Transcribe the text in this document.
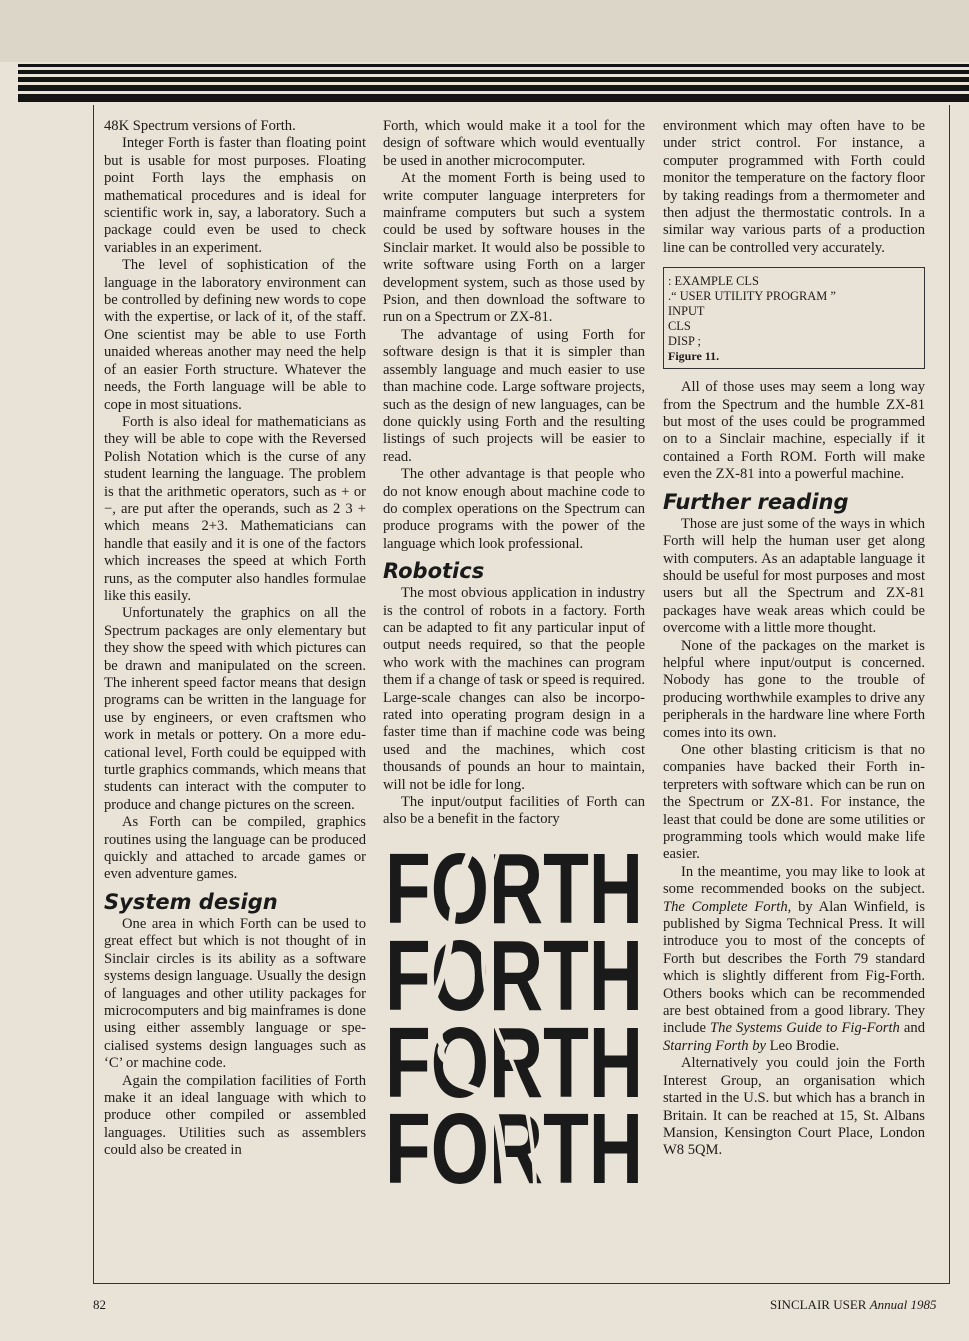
48K Spectrum versions of Forth.

Integer Forth is faster than floating point but is usable for most purposes. Floating point Forth lays the emphasis on mathematical procedures and is ideal for scientific work in, say, a laboratory. Such a package could even be used to check variables in an experiment.

The level of sophistication of the language in the laboratory environment can be controlled by defining new words to cope with the expertise, or lack of it, of the staff. One scientist may be able to use Forth unaided whereas another may need the help of an easier Forth structure. Whatever the needs, the Forth language will be able to cope in most situations.

Forth is also ideal for mathematicians as they will be able to cope with the Reversed Polish Notation which is the curse of any student learning the language. The problem is that the arithmetic operators, such as + or −, are put after the operands, such as 2 3 + which means 2+3. Mathematicians can handle that easily and it is one of the factors which increases the speed at which Forth runs, as the computer also handles formulae like this easily.

Unfortunately the graphics on all the Spectrum packages are only elementary but they show the speed with which pictures can be drawn and manipulated on the screen. The inherent speed factor means that design programs can be written in the language for use by engineers, or even craftsmen who work in metals or pottery. On a more educational level, Forth could be equipped with turtle graphics commands, which means that students can interact with the computer to produce and change pictures on the screen.

As Forth can be compiled, graphics routines using the language can be produced quickly and attached to arcade games or even adventure games.

System design

One area in which Forth can be used to great effect but which is not thought of in Sinclair circles is its ability as a software systems design language. Usually the design of languages and other utility packages for microcomputers and big mainframes is done using either assembly language or specialised systems design languages such as ‘C’ or machine code.

Again the compilation facilities of Forth make it an ideal language with which to produce other compiled or assembled languages. Utilities such as assemblers could also be created in

Forth, which would make it a tool for the design of software which would eventually be used in another microcomputer.

At the moment Forth is being used to write computer language interpreters for mainframe computers but such a system could be used by software houses in the Sinclair market. It would also be possible to write software using Forth on a larger development system, such as those used by Psion, and then download the software to run on a Spectrum or ZX-81.

The advantage of using Forth for software design is that it is simpler than assembly language and much easier to use than machine code. Large software projects, such as the design of new languages, can be done quickly using Forth and the resulting listings of such projects will be easier to read.

The other advantage is that people who do not know enough about machine code to do complex operations on the Spectrum can produce programs with the power of the language which look professional.

Robotics

The most obvious application in industry is the control of robots in a factory. Forth can be adapted to fit any particular input of output needs required, so that the people who work with the machines can program them if a change of task or speed is required. Large-scale changes can also be incorporated into operating program design in a faster time than if machine code was being used and the machines, which cost thousands of pounds an hour to maintain, will not be idle for long.

The input/output facilities of Forth can also be a benefit in the factory

FORTH
FORTH
FORTH
FORTH

environment which may often have to be under strict control. For instance, a computer programmed with Forth could monitor the temperature on the factory floor by taking readings from a thermometer and then adjust the thermostatic controls. In a similar way various parts of a production line can be controlled very accurately.

: EXAMPLE CLS
.“ USER UTILITY PROGRAM ”
INPUT
CLS
DISP ;
Figure 11.

All of those uses may seem a long way from the Spectrum and the humble ZX-81 but most of the uses could be programmed on to a Sinclair machine, especially if it contained a Forth ROM. Forth will make even the ZX-81 into a powerful machine.

Further reading

Those are just some of the ways in which Forth will help the human user get along with computers. As an adaptable language it should be useful for most purposes and most users but all the Spectrum and ZX-81 packages have weak areas which could be overcome with a little more thought.

None of the packages on the market is helpful where input/output is concerned. Nobody has gone to the trouble of producing worthwhile examples to drive any peripherals in the hardware line where Forth comes into its own.

One other blasting criticism is that no companies have backed their Forth interpreters with software which can be run on the Spectrum or ZX-81. For instance, the least that could be done are some utilities or programming tools which would make life easier.

In the meantime, you may like to look at some recommended books on the subject. The Complete Forth, by Alan Winfield, is published by Sigma Technical Press. It will introduce you to most of the concepts of Forth but describes the Forth 79 standard which is slightly different from Fig-Forth. Others books which can be recommended are best obtained from a good library. They include The Systems Guide to Fig-Forth and Starring Forth by Leo Brodie.

Alternatively you could join the Forth Interest Group, an organisation which started in the U.S. but which has a branch in Britain. It can be reached at 15, St. Albans Mansion, Kensington Court Place, London W8 5QM.

82	SINCLAIR USER Annual 1985
